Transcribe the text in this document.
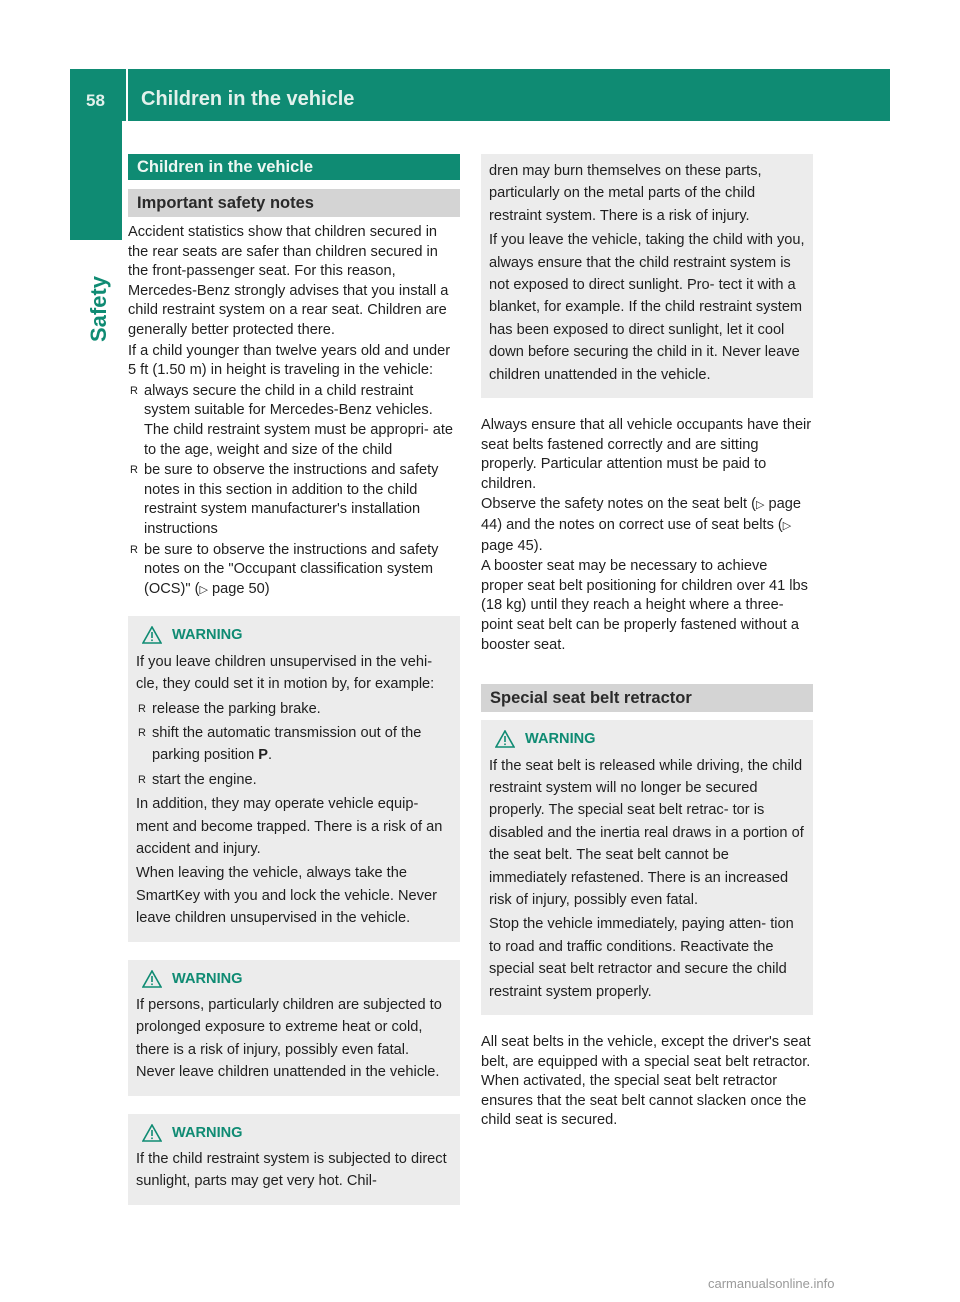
58 Children in the vehicle
Safety
Children in the vehicle
Important safety notes

Accident statistics show that children secured in the rear seats are safer than children secured in the front-passenger seat. For this reason, Mercedes-Benz strongly advises that you install a child restraint system on a rear seat. Children are generally better protected there.

If a child younger than twelve years old and under 5 ft (1.50 m) in height is traveling in the vehicle:

R always secure the child in a child restraint system suitable for Mercedes-Benz vehicles. The child restraint system must be appropri- ate to the age, weight and size of the child
R be sure to observe the instructions and safety notes in this section in addition to the child restraint system manufacturer's installation instructions
R be sure to observe the instructions and safety notes on the "Occupant classification system (OCS)" (▷ page 50)
WARNING

If you leave children unsupervised in the vehi- cle, they could set it in motion by, for example:

R release the parking brake.
R shift the automatic transmission out of the parking position P.
R start the engine.

In addition, they may operate vehicle equip- ment and become trapped. There is a risk of an accident and injury.

When leaving the vehicle, always take the SmartKey with you and lock the vehicle. Never leave children unsupervised in the vehicle.

WARNING

If persons, particularly children are subjected to prolonged exposure to extreme heat or cold, there is a risk of injury, possibly even fatal. Never leave children unattended in the vehicle.

WARNING

If the child restraint system is subjected to direct sunlight, parts may get very hot. Chil-

dren may burn themselves on these parts, particularly on the metal parts of the child restraint system. There is a risk of injury.

If you leave the vehicle, taking the child with you, always ensure that the child restraint system is not exposed to direct sunlight. Pro- tect it with a blanket, for example. If the child restraint system has been exposed to direct sunlight, let it cool down before securing the child in it. Never leave children unattended in the vehicle.

Always ensure that all vehicle occupants have their seat belts fastened correctly and are sitting properly. Particular attention must be paid to children.

Observe the safety notes on the seat belt (▷ page 44) and the notes on correct use of seat belts (▷ page 45).

A booster seat may be necessary to achieve proper seat belt positioning for children over 41 lbs (18 kg) until they reach a height where a three-point seat belt can be properly fastened without a booster seat.

Special seat belt retractor
WARNING

If the seat belt is released while driving, the child restraint system will no longer be secured properly. The special seat belt retrac- tor is disabled and the inertia real draws in a portion of the seat belt. The seat belt cannot be immediately refastened. There is an increased risk of injury, possibly even fatal.

Stop the vehicle immediately, paying atten- tion to road and traffic conditions. Reactivate the special seat belt retractor and secure the child restraint system properly.

All seat belts in the vehicle, except the driver's seat belt, are equipped with a special seat belt retractor. When activated, the special seat belt retractor ensures that the seat belt cannot slacken once the child seat is secured.

carmanualsonline.info
